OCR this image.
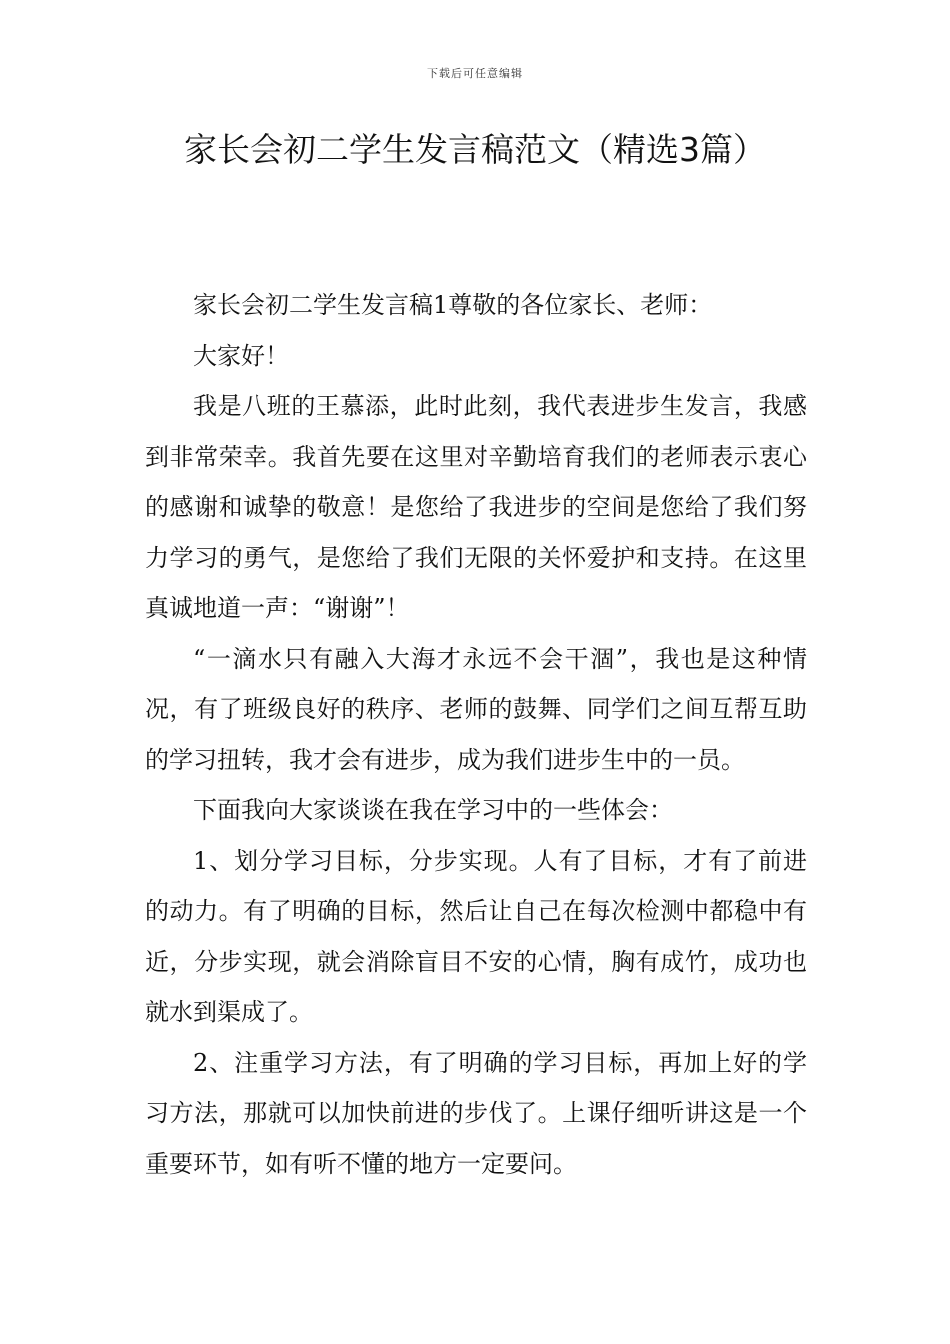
下载后可任意编辑
家长会初二学生发言稿范文（精选3篇）

家长会初二学生发言稿1尊敬的各位家长、老师：

大家好！

我是八班的王慕添，此时此刻，我代表进步生发言，我感到非常荣幸。我首先要在这里对辛勤培育我们的老师表示衷心的感谢和诚挚的敬意！是您给了我进步的空间是您给了我们努力学习的勇气，是您给了我们无限的关怀爱护和支持。在这里真诚地道一声：“谢谢”！

“一滴水只有融入大海才永远不会干涸”，我也是这种情况，有了班级良好的秩序、老师的鼓舞、同学们之间互帮互助的学习扭转，我才会有进步，成为我们进步生中的一员。

下面我向大家谈谈在我在学习中的一些体会：

1、划分学习目标，分步实现。人有了目标，才有了前进的动力。有了明确的目标，然后让自己在每次检测中都稳中有近，分步实现，就会消除盲目不安的心情，胸有成竹，成功也就水到渠成了。

2、注重学习方法，有了明确的学习目标，再加上好的学习方法，那就可以加快前进的步伐了。上课仔细听讲这是一个重要环节，如有听不懂的地方一定要问。
